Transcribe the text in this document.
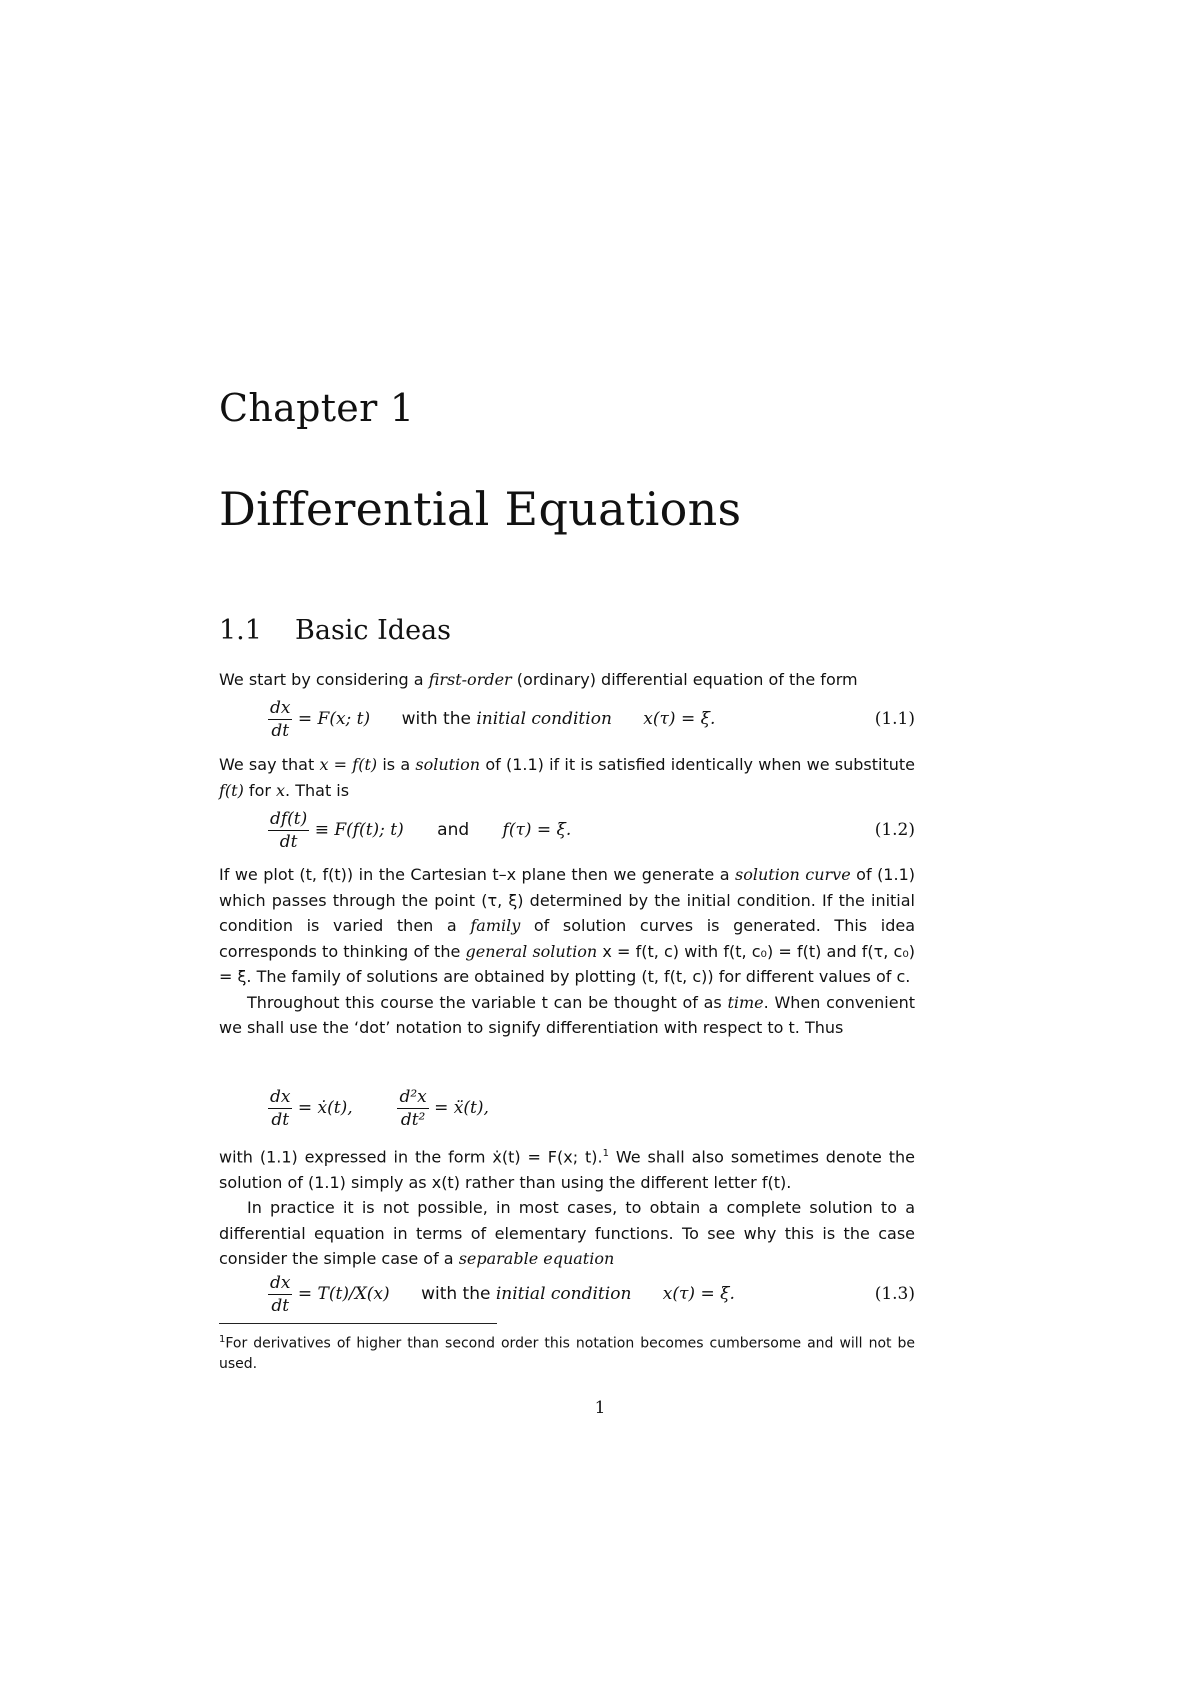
Chapter 1
Differential Equations
1.1 Basic Ideas

We start by considering a first-order (ordinary) differential equation of the form

$\frac{dx}{dt} = F(x$; t) with the initial condition x(τ) = ξ.	(1.1)

We say that x = f(t) is a solution of (1.1) if it is satisfied identically when we substitute f(t) for x. That is

$\frac{df(t)}{dt} \equiv F(f(t)$; t) and f(τ) = ξ.	(1.2)

If we plot (t, f(t)) in the Cartesian t–x plane then we generate a solution curve of (1.1) which passes through the point (τ, ξ) determined by the initial condition. If the initial condition is varied then a family of solution curves is generated. This idea corresponds to thinking of the general solution x = f(t, c) with f(t, c₀) = f(t) and f(τ, c₀) = ξ. The family of solutions are obtained by plotting (t, f(t, c)) for different values of c.

Throughout this course the variable t can be thought of as time. When convenient we shall use the ‘dot’ notation to signify differentiation with respect to t. Thus

$\frac{dx}{dt}$ = ẋ(t),	$\frac{\text{d²x}}{\text{dt²}}$ = ẍ(t),

with (1.1) expressed in the form ẋ(t) = F(x; t).$^1$ We shall also sometimes denote the solution of (1.1) simply as x(t) rather than using the different letter f(t).

In practice it is not possible, in most cases, to obtain a complete solution to a differential equation in terms of elementary functions. To see why this is the case consider the simple case of a separable equation

$\frac{dx}{dt} = T(t)/X(x)$ with the initial condition x(τ) = ξ.	(1.3)
$^1$For derivatives of higher than second order this notation becomes cumbersome and will not be used.
1
